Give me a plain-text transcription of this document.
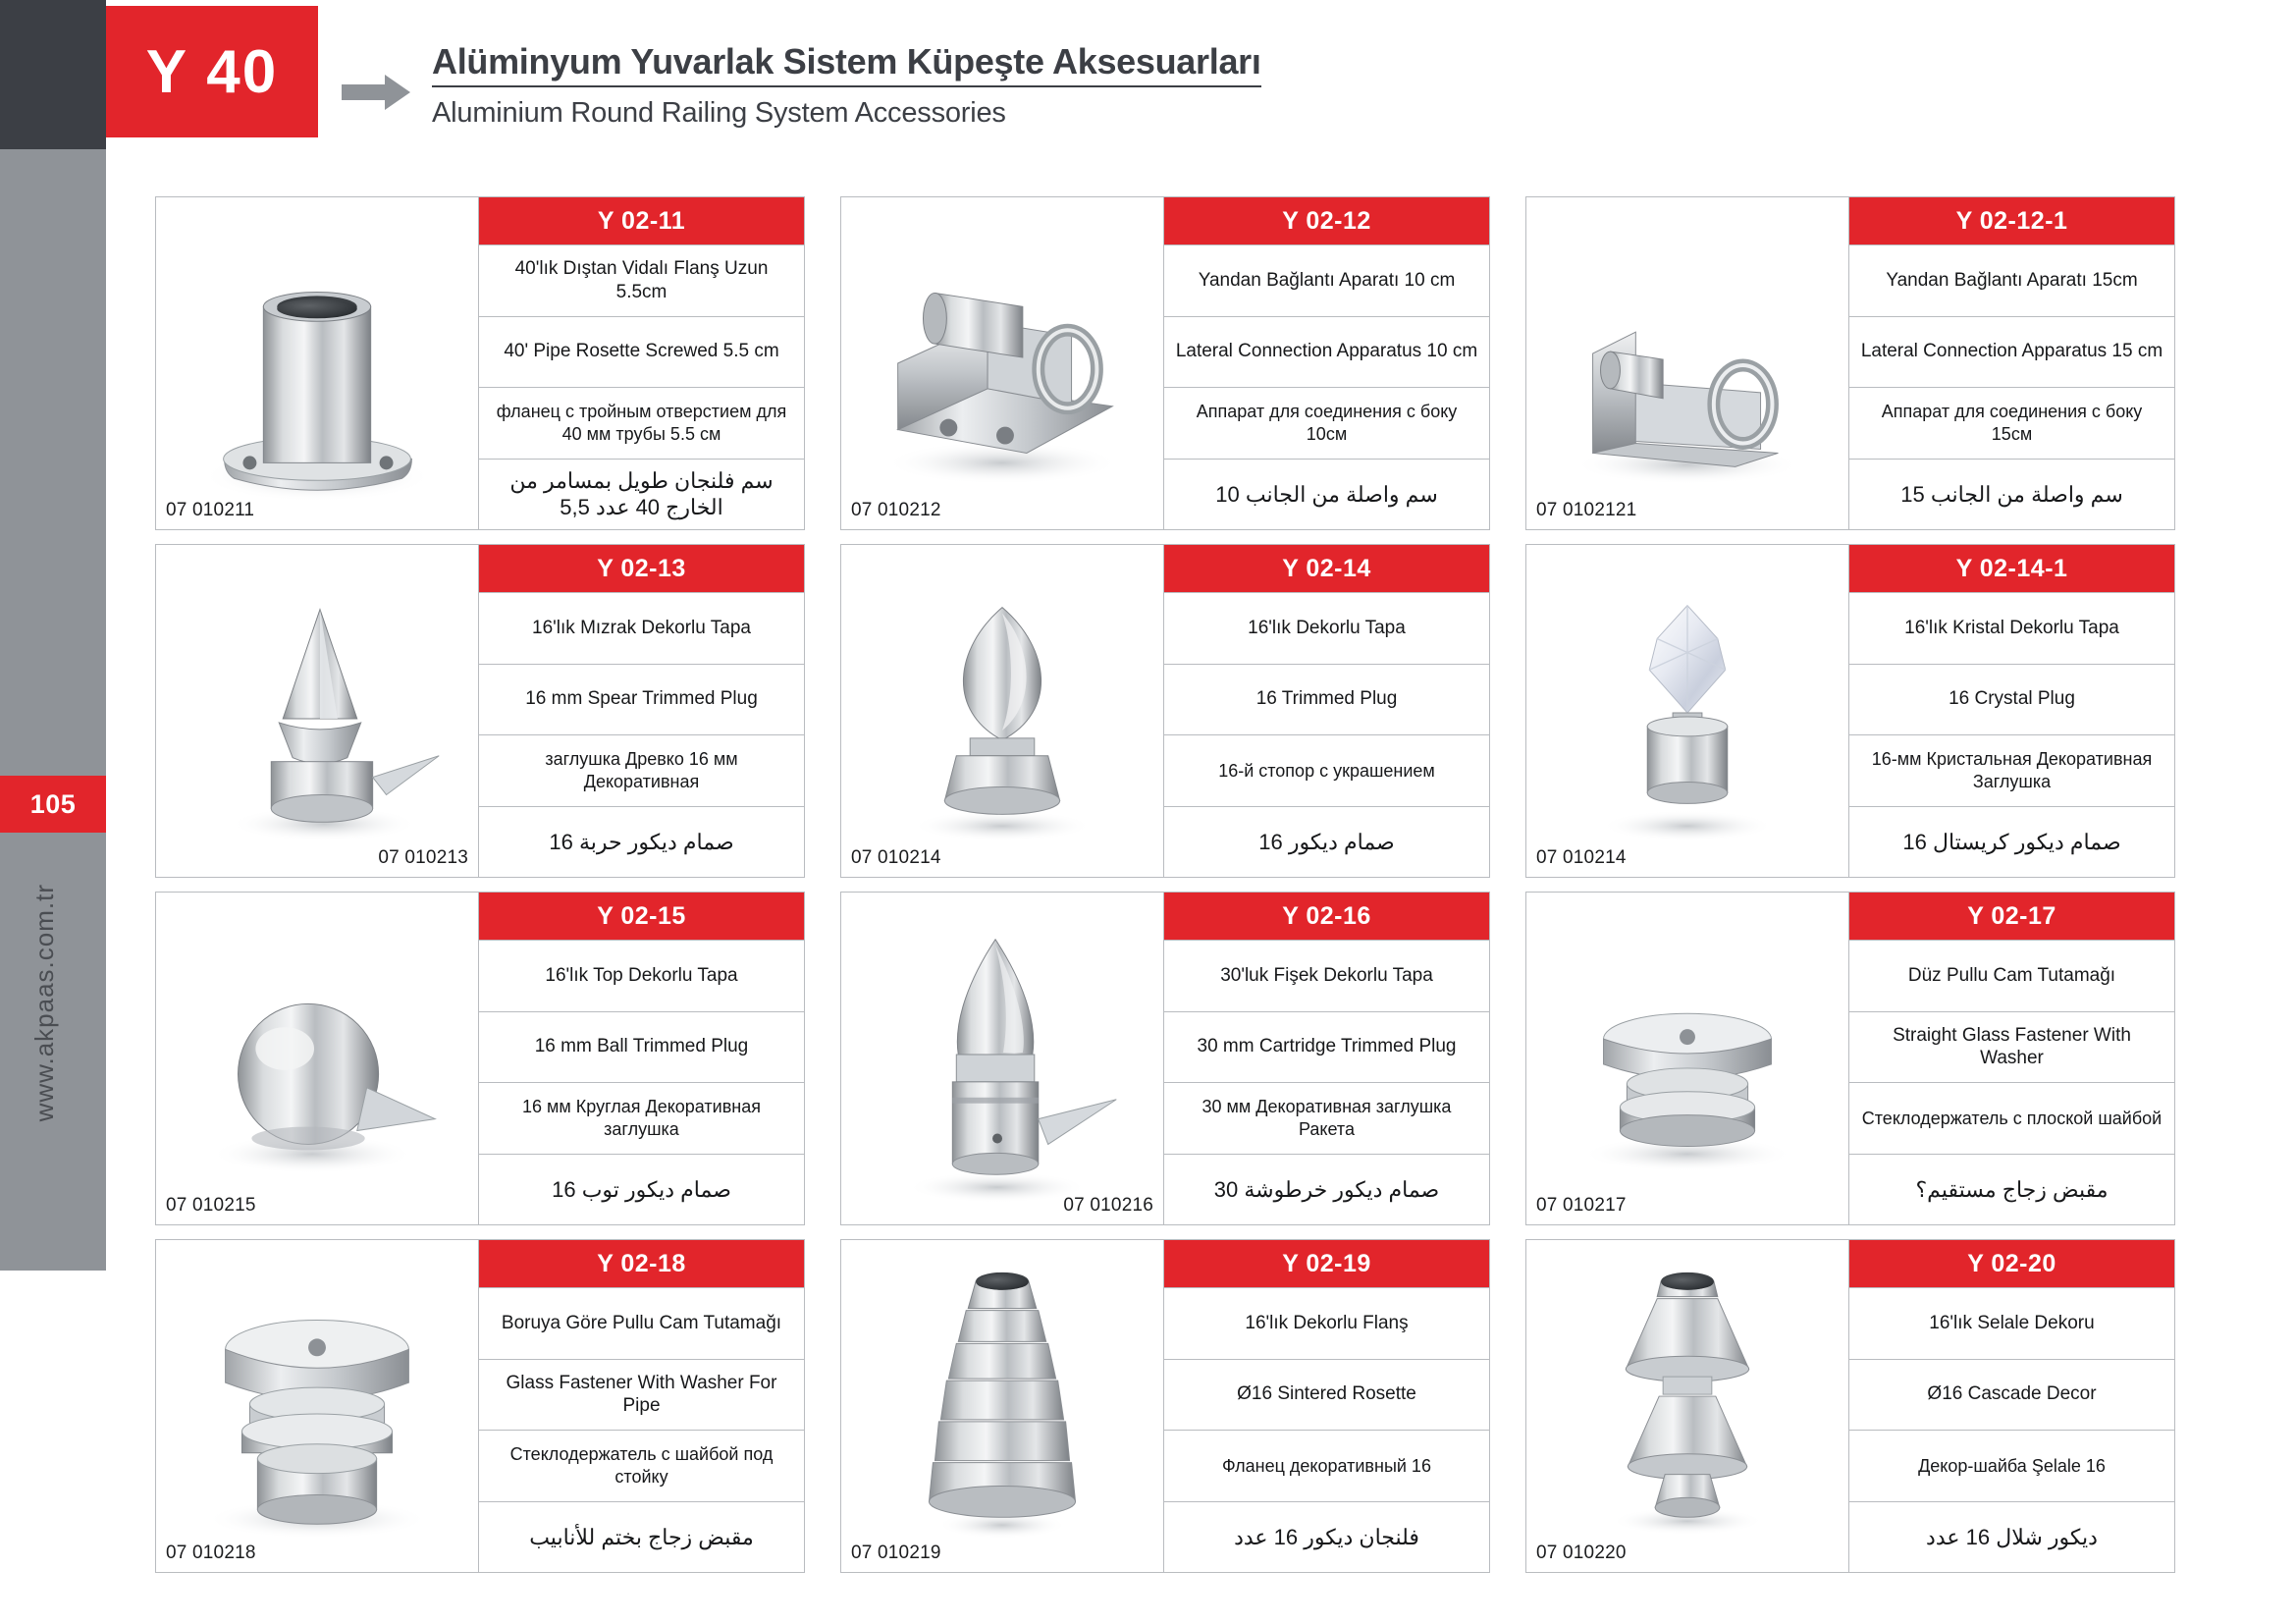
105
www.akpaas.com.tr
Y 40	Alüminyum Yuvarlak Sistem Küpeşte Aksesuarları
Aluminium Round Railing System Accessories
07 010211
Y 02-11
40'lık Dıştan Vidalı Flanş Uzun 5.5cm
40' Pipe Rosette Screwed 5.5 cm
фланец с тройным отверстием для 40 мм трубы 5.5 см
سم فلنجان طويل بمسامر من الخارج 40 عدد 5,5	07 010212
Y 02-12
Yandan Bağlantı Aparatı 10 cm
Lateral Connection Apparatus 10 cm
Аппарат для соединения с боку 10см
سم واصلة من الجانب 10
07 0102121
Y 02-12-1
Yandan Bağlantı Aparatı 15cm
Lateral Connection Apparatus 15 cm
Аппарат для соединения с боку 15см
سم واصلة من الجانب 15
07 010213
Y 02-13
16'lık Mızrak Dekorlu Tapa
16 mm Spear Trimmed Plug
заглушка Древко 16 мм Декоративная
صمام ديكور حربة 16
07 010214
Y 02-14
16'lık Dekorlu Tapa
16 Trimmed Plug
16-й стопор с украшением
صمام ديكور 16
07 010214
Y 02-14-1
16'lık Kristal Dekorlu Tapa
16 Crystal Plug
16-мм Кристальная Декоративная Заглушка
صمام ديكور كريستال 16
07 010215
Y 02-15
16'lık Top Dekorlu Tapa
16 mm Ball Trimmed Plug
16 мм Круглая Декоративная заглушка
صمام ديكور توب 16
07 010216
Y 02-16
30'luk Fişek Dekorlu Tapa
30 mm Cartridge Trimmed Plug
30 мм Декоративная заглушка Ракета
صمام ديكور خرطوشة 30
07 010217
Y 02-17
Düz Pullu Cam Tutamağı
Straight Glass Fastener With Washer
Стеклодержатель с плоской шайбой
مقبض زجاج مستقيم؟
07 010218
Y 02-18
Boruya Göre Pullu Cam Tutamağı
Glass Fastener With Washer For Pipe
Стеклодержатель с шайбой под стойку
مقبض زجاج بختم للأنابيب
07 010219
Y 02-19
16'lık Dekorlu Flanş
Ø16 Sintered Rosette
Фланец декоративный 16
فلنجان ديكور 16 عدد
07 010220
Y 02-20
16'lık Selale Dekoru
Ø16 Cascade Decor
Декор-шайба Şelale 16
ديكور شلال 16 عدد
